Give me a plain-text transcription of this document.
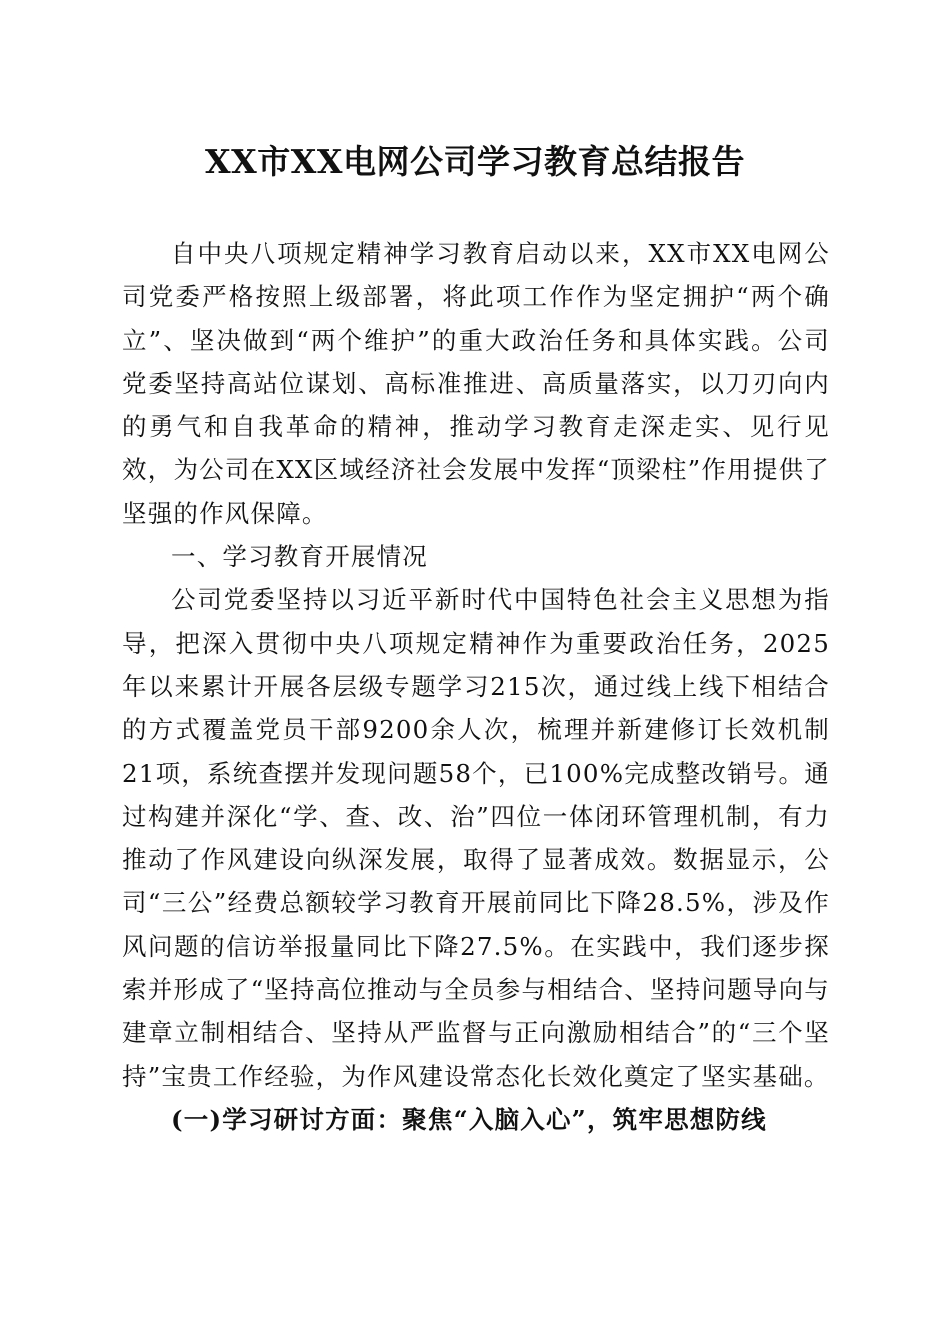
XX市XX电网公司学习教育总结报告

自中央八项规定精神学习教育启动以来，XX市XX电网公司党委严格按照上级部署，将此项工作作为坚定拥护“两个确立”、坚决做到“两个维护”的重大政治任务和具体实践。公司党委坚持高站位谋划、高标准推进、高质量落实，以刀刃向内的勇气和自我革命的精神，推动学习教育走深走实、见行见效，为公司在XX区域经济社会发展中发挥“顶梁柱”作用提供了坚强的作风保障。

一、学习教育开展情况

公司党委坚持以习近平新时代中国特色社会主义思想为指导，把深入贯彻中央八项规定精神作为重要政治任务，2025年以来累计开展各层级专题学习215次，通过线上线下相结合的方式覆盖党员干部9200余人次，梳理并新建修订长效机制21项，系统查摆并发现问题58个，已100%完成整改销号。通过构建并深化“学、查、改、治”四位一体闭环管理机制，有力推动了作风建设向纵深发展，取得了显著成效。数据显示，公司“三公”经费总额较学习教育开展前同比下降28.5%，涉及作风问题的信访举报量同比下降27.5%。在实践中，我们逐步探索并形成了“坚持高位推动与全员参与相结合、坚持问题导向与建章立制相结合、坚持从严监督与正向激励相结合”的“三个坚持”宝贵工作经验，为作风建设常态化长效化奠定了坚实基础。

(一)学习研讨方面：聚焦“入脑入心”，筑牢思想防线
